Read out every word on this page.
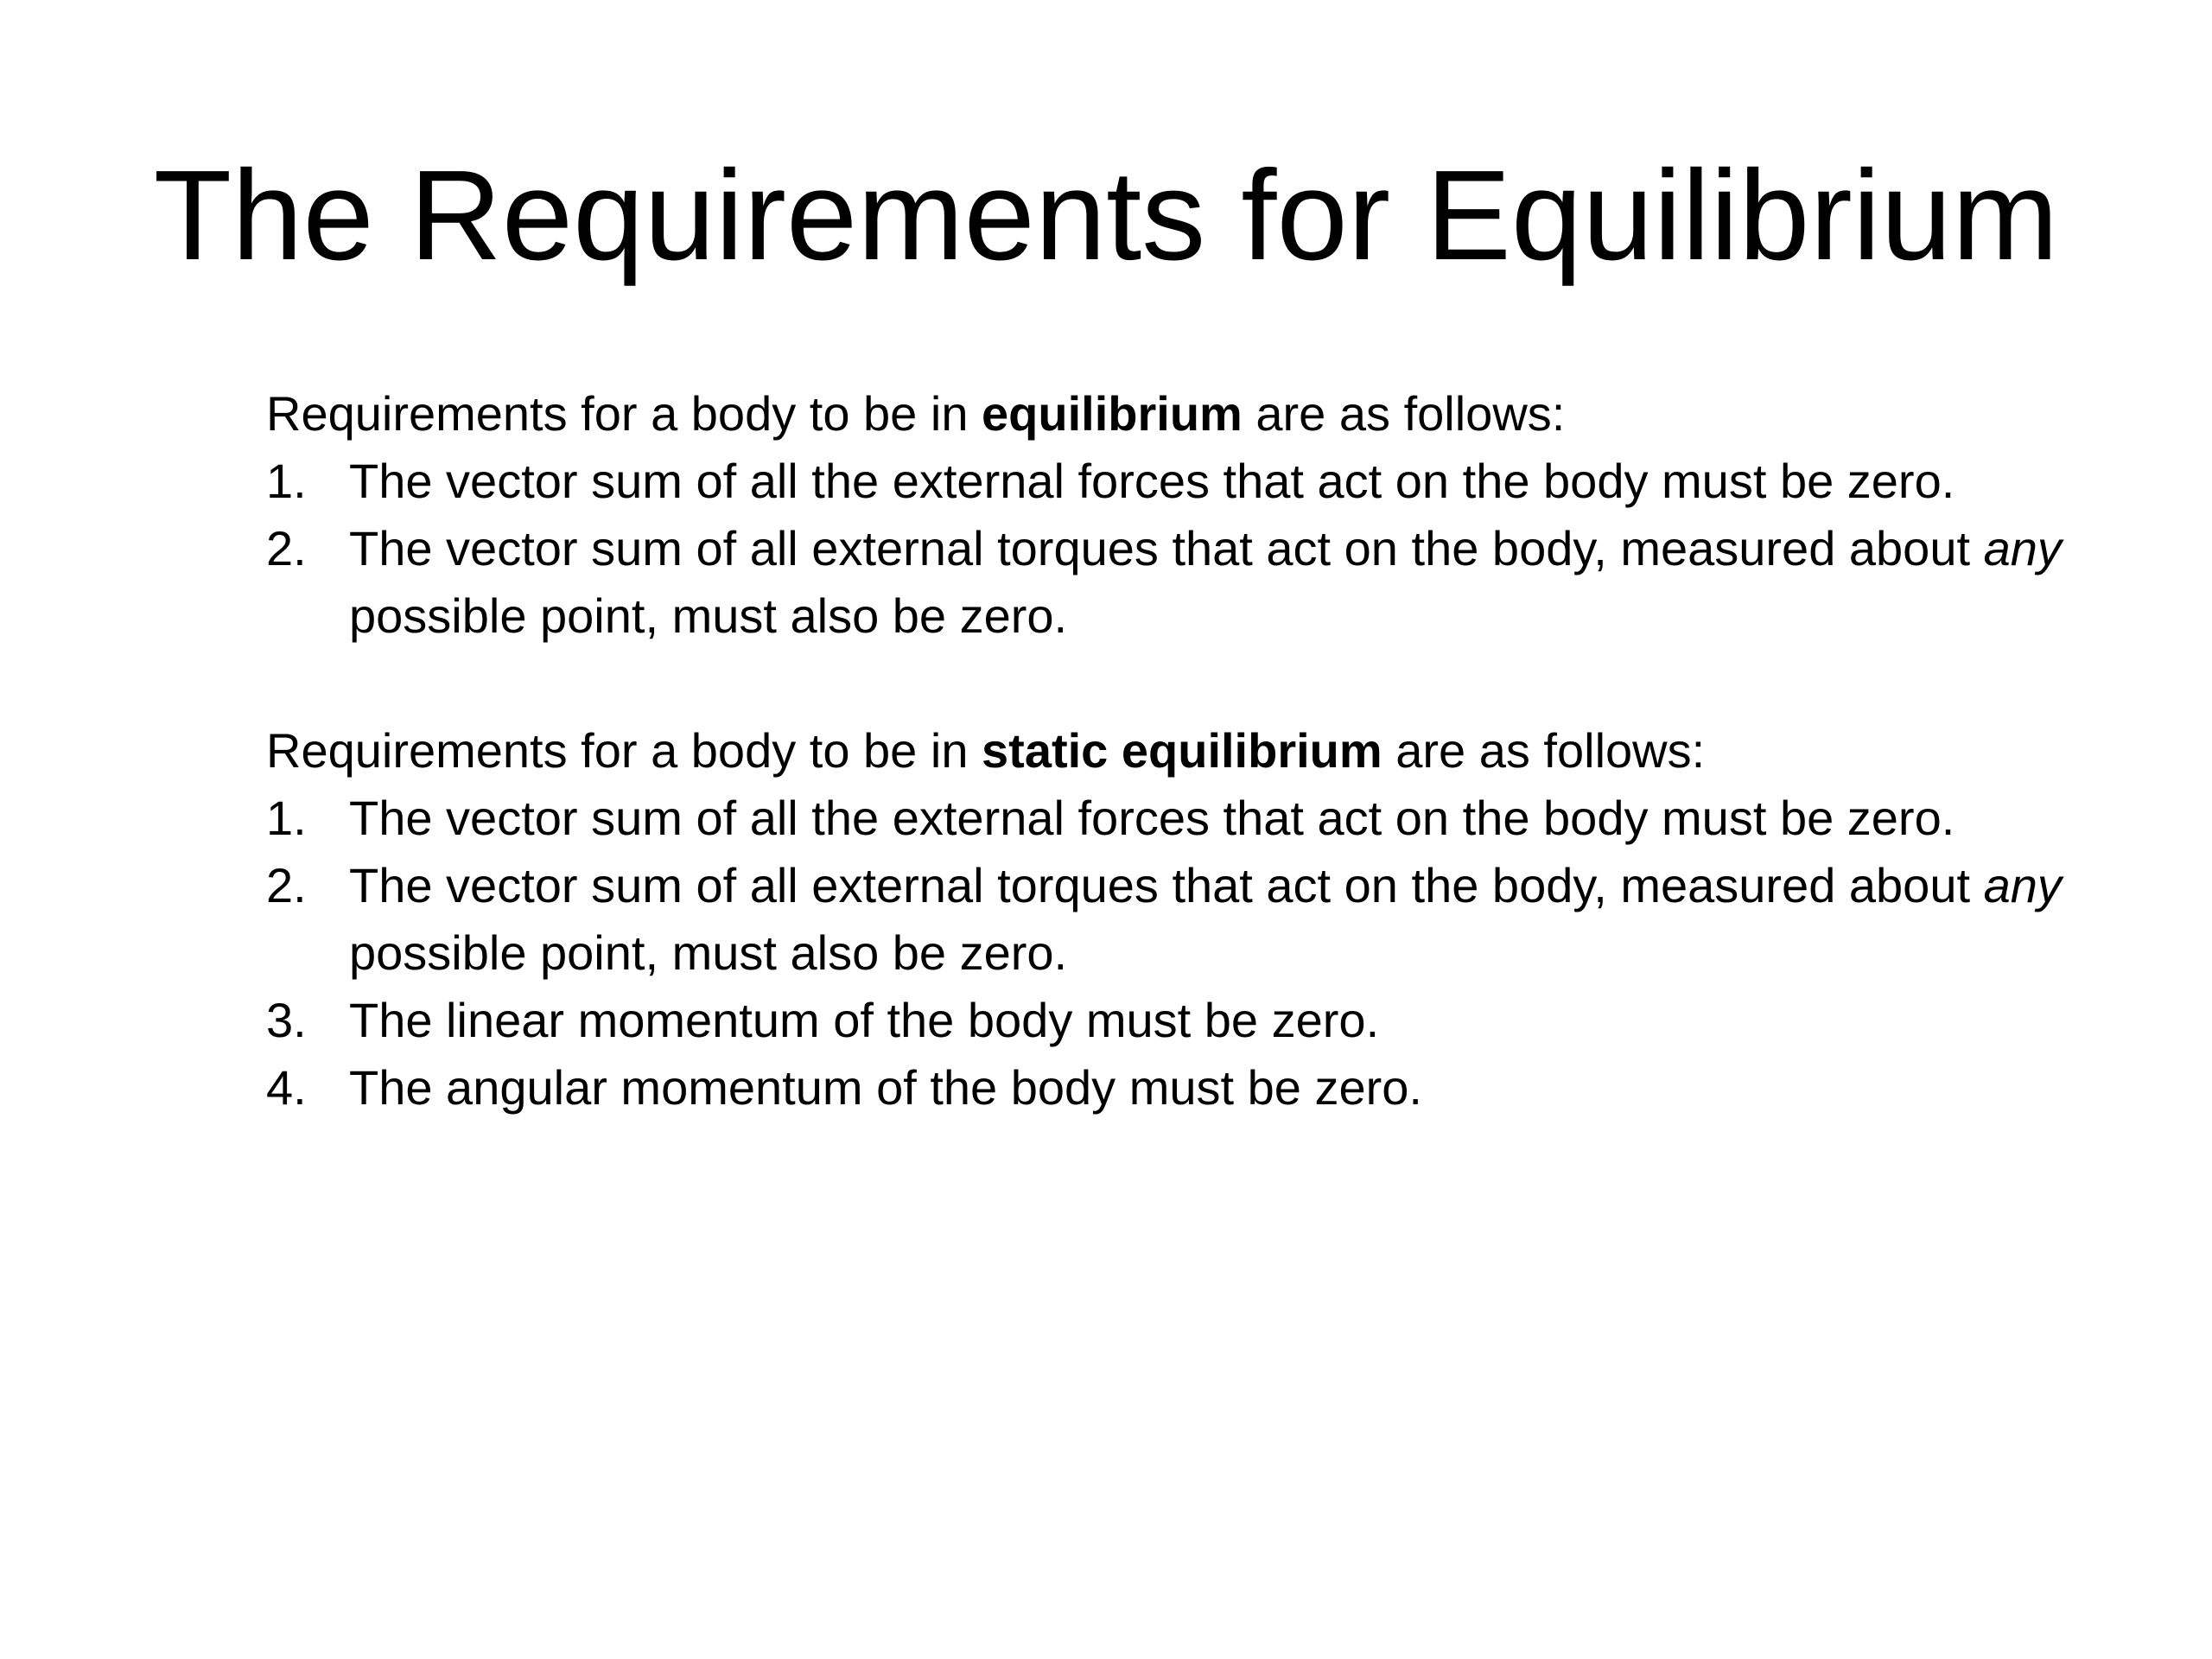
The Requirements for Equilibrium

Requirements for a body to be in equilibrium are as follows:

1. The vector sum of all the external forces that act on the body must be zero.
2. The vector sum of all external torques that act on the body, measured about any possible point, must also be zero.

Requirements for a body to be in static equilibrium are as follows:

1. The vector sum of all the external forces that act on the body must be zero.
2. The vector sum of all external torques that act on the body, measured about any possible point, must also be zero.
3. The linear momentum of the body must be zero.
4. The angular momentum of the body must be zero.
